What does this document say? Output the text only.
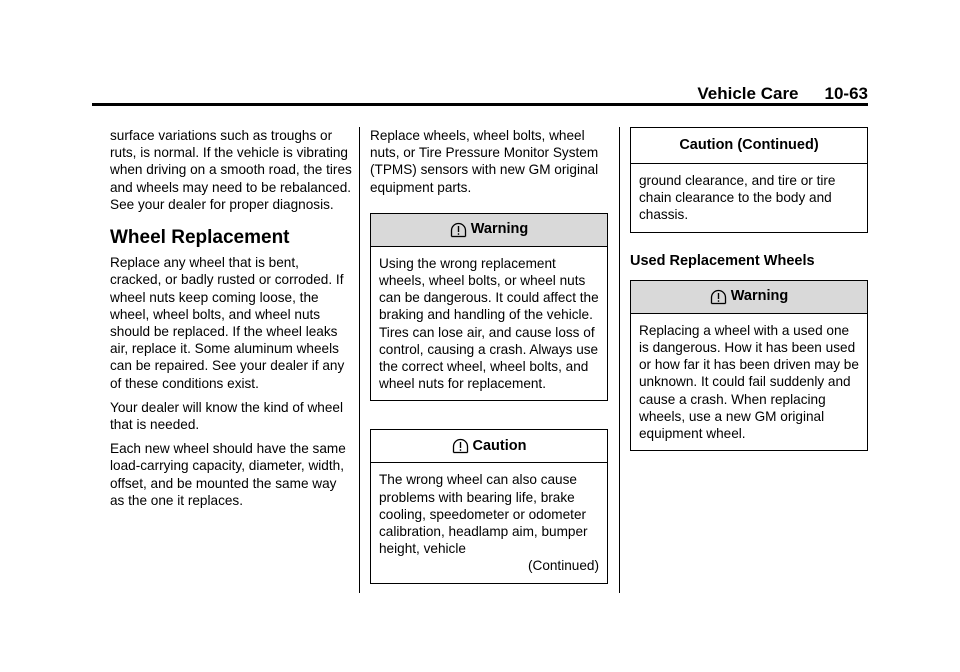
Vehicle Care 10-63

surface variations such as troughs or ruts, is normal. If the vehicle is vibrating when driving on a smooth road, the tires and wheels may need to be rebalanced. See your dealer for proper diagnosis.

Wheel Replacement

Replace any wheel that is bent, cracked, or badly rusted or corroded. If wheel nuts keep coming loose, the wheel, wheel bolts, and wheel nuts should be replaced. If the wheel leaks air, replace it. Some aluminum wheels can be repaired. See your dealer if any of these conditions exist.

Your dealer will know the kind of wheel that is needed.

Each new wheel should have the same load-carrying capacity, diameter, width, offset, and be mounted the same way as the one it replaces.

Replace wheels, wheel bolts, wheel nuts, or Tire Pressure Monitor System (TPMS) sensors with new GM original equipment parts.

Warning
Using the wrong replacement wheels, wheel bolts, or wheel nuts can be dangerous. It could affect the braking and handling of the vehicle. Tires can lose air, and cause loss of control, causing a crash. Always use the correct wheel, wheel bolts, and wheel nuts for replacement.
Caution
The wrong wheel can also cause problems with bearing life, brake cooling, speedometer or odometer calibration, headlamp aim, bumper height, vehicle
(Continued)
Caution (Continued)
ground clearance, and tire or tire chain clearance to the body and chassis.
Used Replacement Wheels
Warning
Replacing a wheel with a used one is dangerous. How it has been used or how far it has been driven may be unknown. It could fail suddenly and cause a crash. When replacing wheels, use a new GM original equipment wheel.
